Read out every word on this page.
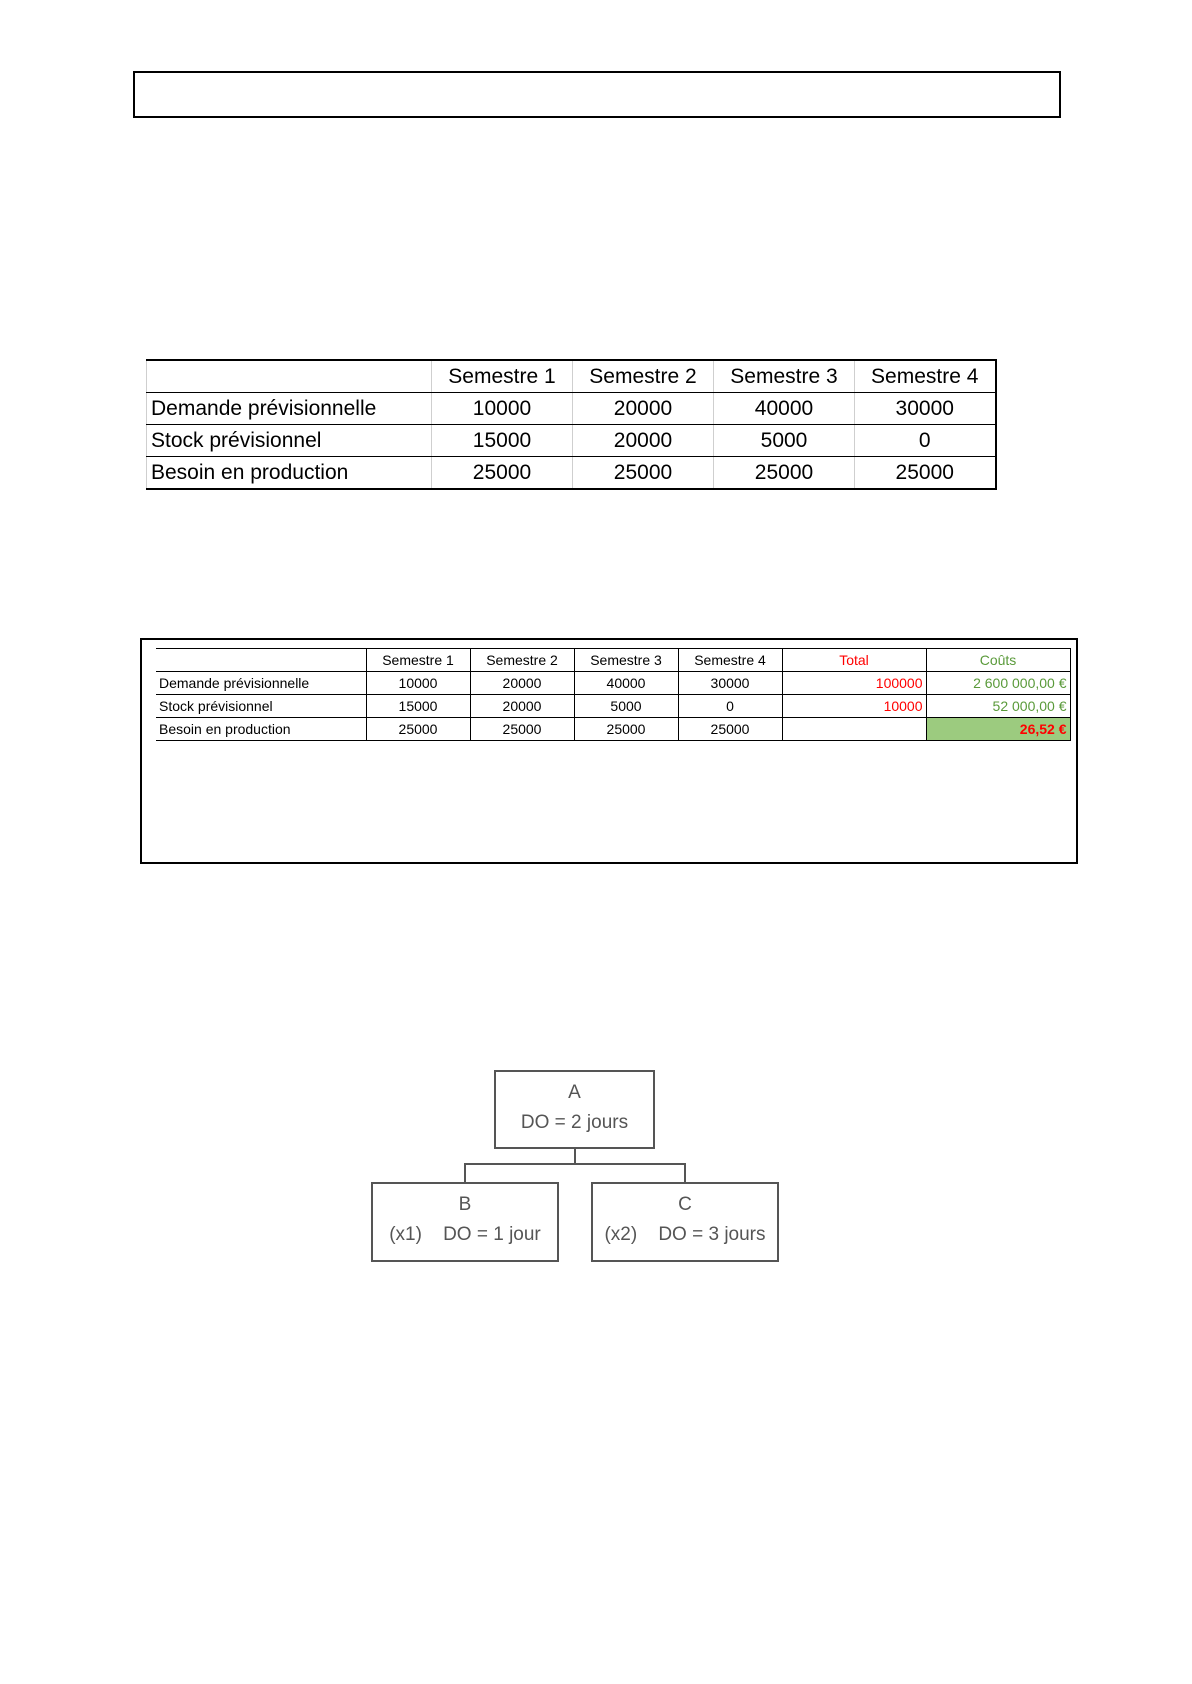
	Semestre 1	Semestre 2	Semestre 3	Semestre 4
Demande prévisionnelle	10000	20000	40000	30000
Stock prévisionnel	15000	20000	5000	0
Besoin en production	25000	25000	25000	25000
	Semestre 1	Semestre 2	Semestre 3	Semestre 4	Total	Coûts
Demande prévisionnelle	10000	20000	40000	30000	100000	2 600 000,00 €
Stock prévisionnel	15000	20000	5000	0	10000	52 000,00 €
Besoin en production	25000	25000	25000	25000		26,52 €
A
DO = 2 jours
B
(x1)    DO = 1 jour
C
(x2)    DO = 3 jours
